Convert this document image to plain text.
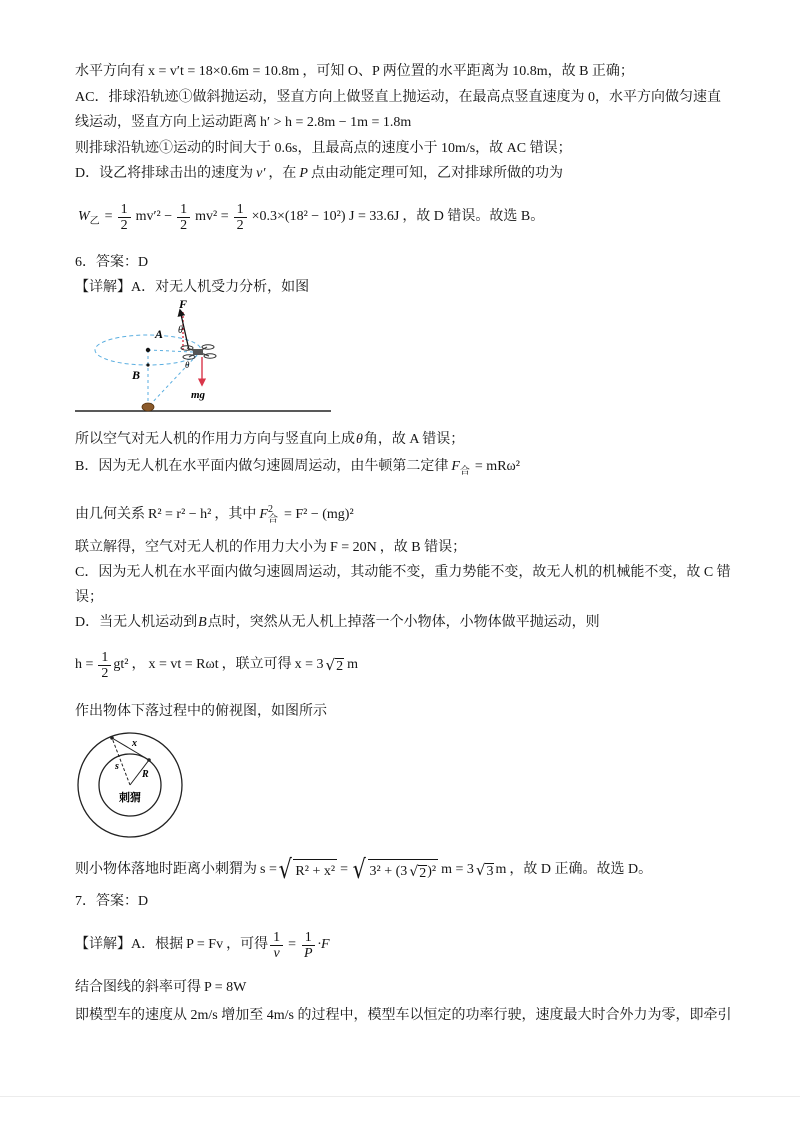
水平方向有 x = v′t = 18×0.6m = 10.8m ，可知 O、P 两位置的水平距离为 10.8m，故 B 正确；
AC．排球沿轨迹①做斜抛运动，竖直方向上做竖直上抛运动，在最高点竖直速度为 0，水平方向做匀速直
线运动，竖直方向上运动距离 h′ > h = 2.8m − 1m = 1.8m
则排球沿轨迹①运动的时间大于 0.6s，且最高点的速度小于 10m/s，故 AC 错误；
D．设乙将排球击出的速度为 v′ ，在 P 点由动能定理可知，乙对排球所做的功为
W 乙 = $\frac{1}{2} mv'^2 - \frac{1}{2} mv^2 = \frac{1}{2} \times 0.3\times(18^2 - 10^2) J = 33.6J$ ，故 D 错误。故选 B。
6．答案：D
【详解】A．对无人机受力分析，如图
A
B
F
θ
mg
θ
所以空气对无人机的作用力方向与竖直向上成 θ 角，故 A 错误；
B．因为无人机在水平面内做匀速圆周运动，由牛顿第二定律 F 合 = mRω²
由几何关系 R² = r² − h² ，其中 F 2
合 = F² − (mg)²
联立解得，空气对无人机的作用力大小为 F = 20N ，故 B 错误；
C．因为无人机在水平面内做匀速圆周运动，其动能不变，重力势能不变，故无人机的机械能不变，故 C 错
误；
D．当无人机运动到 B 点时，突然从无人机上掉落一个小物体，小物体做平抛运动，则
$h = \frac{1}{2} gt^2$ ， x = vt = Rωt ，联立可得 x = 3 √ 2 m
作出物体下落过程中的俯视图，如图所示
x
s
R
刺猬
则小物体落地时距离小刺猬为 s = √ R² + x² = √ 3² + (3 √ 2 )² m = 3 √ 3 m ，故 D 正确。故选 D。
7．答案：D
【详解】A．根据 P = Fv ，可得 $\frac{1}{v} = \frac{1}{P} \cdot F$
结合图线的斜率可得 P = 8W
即模型车的速度从 2m/s 增加至 4m/s 的过程中，模型车以恒定的功率行驶，速度最大时合外力为零，即牵引
